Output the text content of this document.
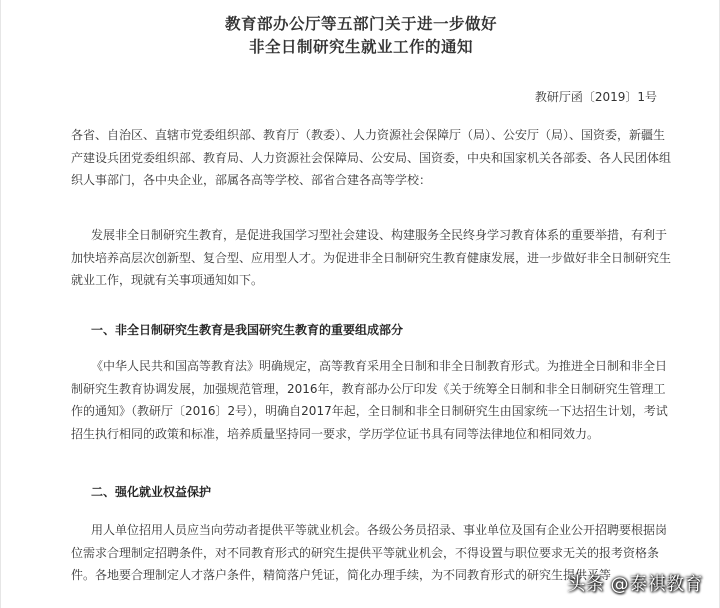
教育部办公厅等五部门关于进一步做好
非全日制研究生就业工作的通知
教研厅函〔2019〕1号

各省、自治区、直辖市党委组织部、教育厅（教委）、人力资源社会保障厅（局）、公安厅（局）、国资委，新疆生产建设兵团党委组织部、教育局、人力资源社会保障局、公安局、国资委，中央和国家机关各部委、各人民团体组织人事部门，各中央企业，部属各高等学校、部省合建各高等学校：

发展非全日制研究生教育，是促进我国学习型社会建设、构建服务全民终身学习教育体系的重要举措，有利于加快培养高层次创新型、复合型、应用型人才。为促进非全日制研究生教育健康发展，进一步做好非全日制研究生就业工作，现就有关事项通知如下。

一、非全日制研究生教育是我国研究生教育的重要组成部分

《中华人民共和国高等教育法》明确规定，高等教育采用全日制和非全日制教育形式。为推进全日制和非全日制研究生教育协调发展，加强规范管理，2016年，教育部办公厅印发《关于统筹全日制和非全日制研究生管理工作的通知》（教研厅〔2016〕2号），明确自2017年起，全日制和非全日制研究生由国家统一下达招生计划，考试招生执行相同的政策和标准，培养质量坚持同一要求，学历学位证书具有同等法律地位和相同效力。

二、强化就业权益保护

用人单位招用人员应当向劳动者提供平等就业机会。各级公务员招录、事业单位及国有企业公开招聘要根据岗位需求合理制定招聘条件，对不同教育形式的研究生提供平等就业机会，不得设置与职位要求无关的报考资格条件。各地要合理制定人才落户条件，精简落户凭证，简化办理手续，为不同教育形式的研究生提供平等

头条 @泰祺教育
